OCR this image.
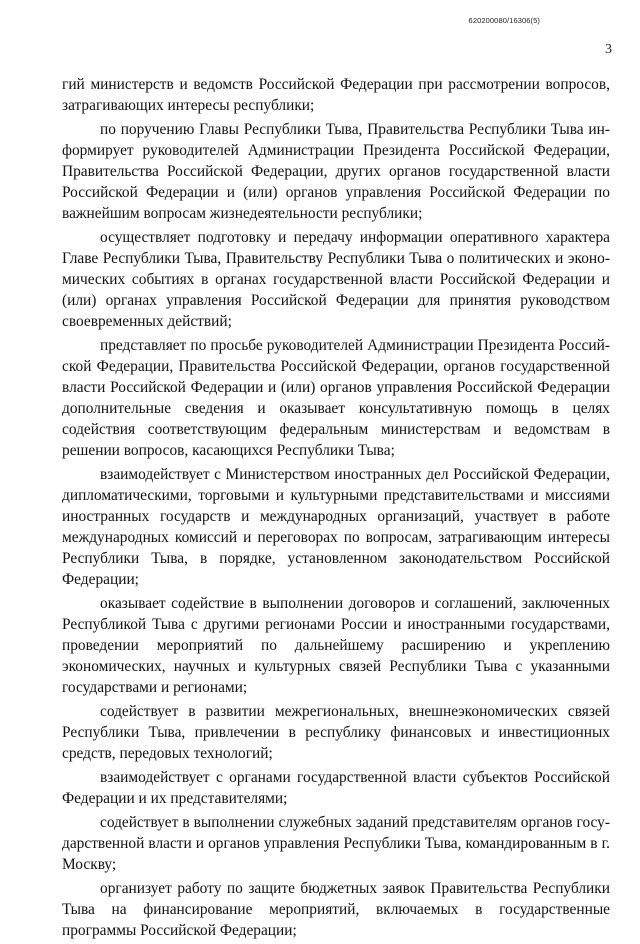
620200080/16306(5)
3

гий министерств и ведомств Российской Федерации при рассмотрении вопросов, затрагивающих интересы республики;

по поручению Главы Республики Тыва, Правительства Республики Тыва информирует руководителей Администрации Президента Российской Федерации, Правительства Российской Федерации, других органов государственной власти Российской Федерации и (или) органов управления Российской Федерации по важнейшим вопросам жизнедеятельности республики;

осуществляет подготовку и передачу информации оперативного характера Главе Республики Тыва, Правительству Республики Тыва о политических и экономических событиях в органах государственной власти Российской Федерации и (или) органах управления Российской Федерации для принятия руководством своевременных действий;

представляет по просьбе руководителей Администрации Президента Российской Федерации, Правительства Российской Федерации, органов государственной власти Российской Федерации и (или) органов управления Российской Федерации дополнительные сведения и оказывает консультативную помощь в целях содействия соответствующим федеральным министерствам и ведомствам в решении вопросов, касающихся Республики Тыва;

взаимодействует с Министерством иностранных дел Российской Федерации, дипломатическими, торговыми и культурными представительствами и миссиями иностранных государств и международных организаций, участвует в работе международных комиссий и переговорах по вопросам, затрагивающим интересы Республики Тыва, в порядке, установленном законодательством Российской Федерации;

оказывает содействие в выполнении договоров и соглашений, заключенных Республикой Тыва с другими регионами России и иностранными государствами, проведении мероприятий по дальнейшему расширению и укреплению экономических, научных и культурных связей Республики Тыва с указанными государствами и регионами;

содействует в развитии межрегиональных, внешнеэкономических связей Республики Тыва, привлечении в республику финансовых и инвестиционных средств, передовых технологий;

взаимодействует с органами государственной власти субъектов Российской Федерации и их представителями;

содействует в выполнении служебных заданий представителям органов государственной власти и органов управления Республики Тыва, командированным в г. Москву;

организует работу по защите бюджетных заявок Правительства Республики Тыва на финансирование мероприятий, включаемых в государственные программы Российской Федерации;
